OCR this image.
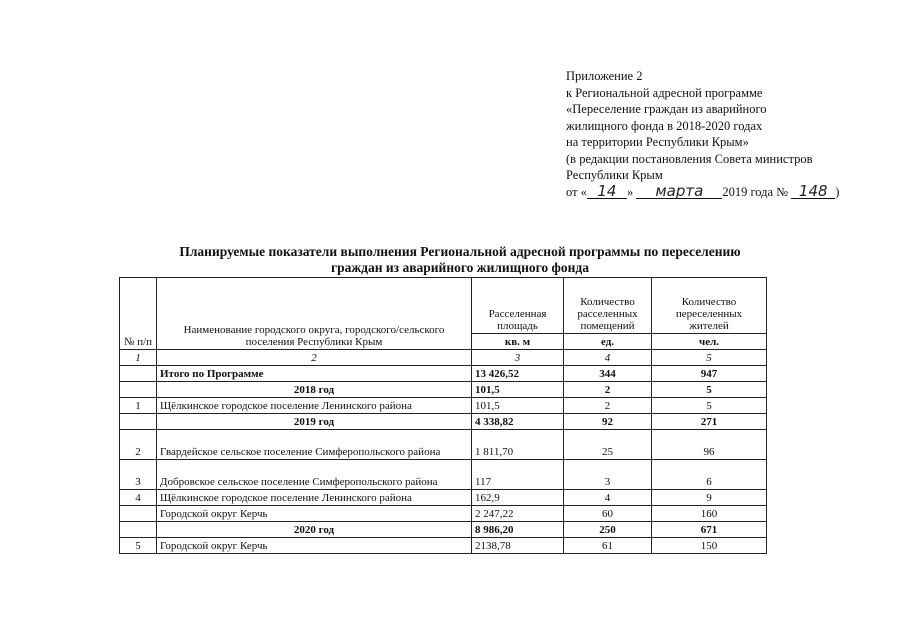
Приложение 2
к Региональной адресной программе
«Переселение граждан из аварийного
жилищного фонда в 2018-2020 годах
на территории Республики Крым»
(в редакции постановления Совета министров
Республики Крым
от « 14 » марта 2019 года № 148 )
Планируемые показатели выполнения Региональной адресной программы по переселению
граждан из аварийного жилищного фонда
№ п/п	Наименование городского округа, городского/сельского поселения Республики Крым	Расселенная площадь	Количество расселенных помещений	Количество переселенных жителей
		кв. м	ед.	чел.
1	2	3	4	5
	Итого по Программе	13 426,52	344	947
	2018 год	101,5	2	5
1	Щёлкинское городское поселение Ленинского района	101,5	2	5
	2019 год	4 338,82	92	271
2	Гвардейское сельское поселение Симферопольского района	1 811,70	25	96
3	Добровское сельское поселение Симферопольского района	117	3	6
4	Щёлкинское городское поселение Ленинского района	162,9	4	9
	Городской округ Керчь	2 247,22	60	160
	2020 год	8 986,20	250	671
5	Городской округ Керчь	2138,78	61	150
